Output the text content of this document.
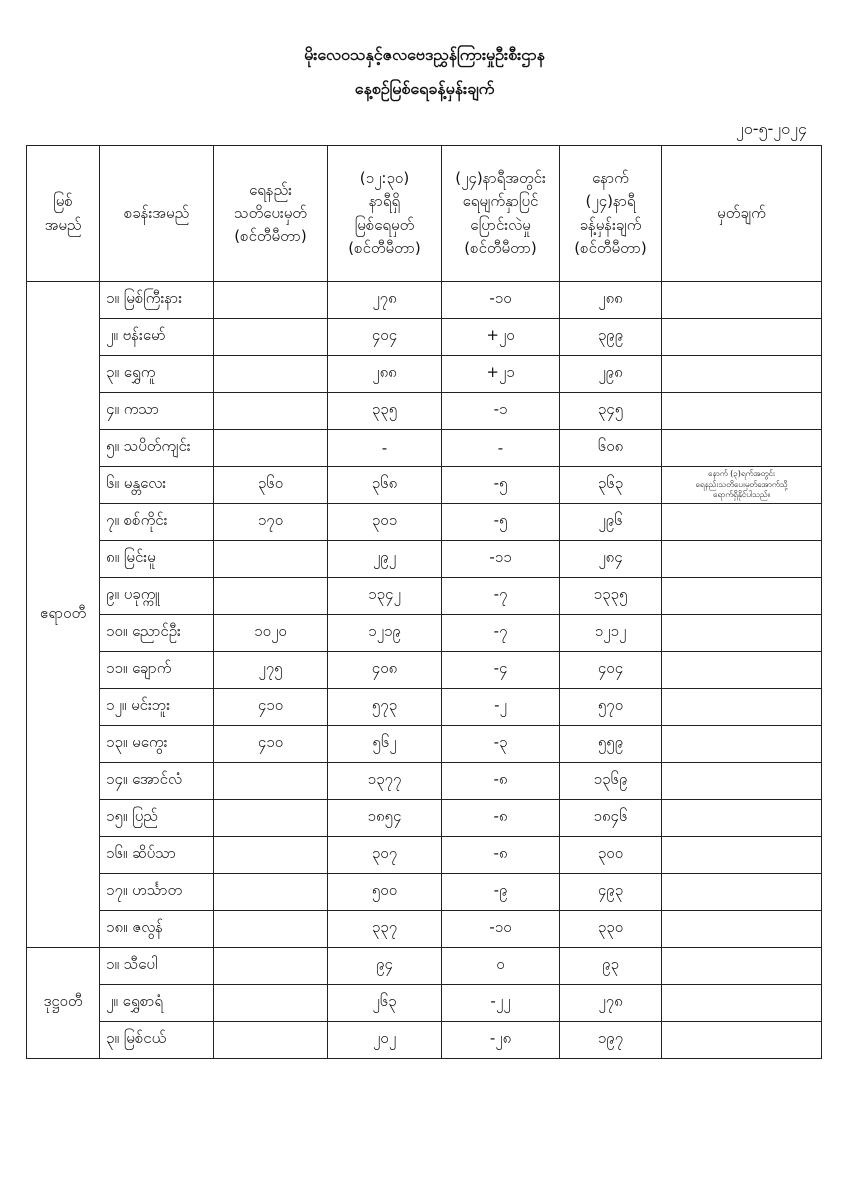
မိုးလေဝသနှင့်ဇလဗေဒညွှန်ကြားမှုဦးစီးဌာန
နေ့စဉ်မြစ်ရေခန့်မှန်းချက်
၂၀-၅-၂၀၂၄
မြစ်
အမည်	စခန်းအမည်	ရေနည်း
သတိပေးမှတ်
(စင်တီမီတာ)	(၁၂:၃၀)
နာရီရှိ
မြစ်ရေမှတ်
(စင်တီမီတာ)	(၂၄)နာရီအတွင်း
ရေမျက်နှာပြင်
ပြောင်းလဲမှု
(စင်တီမီတာ)	နောက်
(၂၄)နာရီ
ခန့်မှန်းချက်
(စင်တီမီတာ)	မှတ်ချက်
ဧရာဝတီ	၁။ မြစ်ကြီးနား		၂၇၈	-၁၀	၂၈၈	
	၂။ ဗန်းမော်		၄၀၄	+၂၀	၃၉၉	
	၃။ ရွှေကူ		၂၈၈	+၂၁	၂၉၈	
	၄။ ကသာ		၃၃၅	-၁	၃၄၅	
	၅။ သပိတ်ကျင်း		-	-	၆၀၈	
	၆။ မန္တလေး	၃၆၀	၃၆၈	-၅	၃၆၃	နောက် (၃)ရက်အတွင်း
ရေနည်းသတိပေးမှတ်အောက်သို့
ရောက်ရှိနိုင်ပါသည်။
	၇။ စစ်ကိုင်း	၁၇၀	၃၀၁	-၅	၂၉၆	
	၈။ မြင်းမူ		၂၉၂	-၁၁	၂၈၄	
	၉။ ပခုက္ကူ		၁၃၄၂	-၇	၁၃၃၅	
	၁၀။ ညောင်ဦး	၁၀၂၀	၁၂၁၉	-၇	၁၂၁၂	
	၁၁။ ချောက်	၂၇၅	၄၀၈	-၄	၄၀၄	
	၁၂။ မင်းဘူး	၄၁၀	၅၇၃	-၂	၅၇၀	
	၁၃။ မကွေး	၄၁၀	၅၆၂	-၃	၅၅၉	
	၁၄။ အောင်လံ		၁၃၇၇	-၈	၁၃၆၉	
	၁၅။ ပြည်		၁၈၅၄	-၈	၁၈၄၆	
	၁၆။ ဆိပ်သာ		၃၀၇	-၈	၃၀၀	
	၁၇။ ဟင်္သာတ		၅၀၀	-၉	၄၉၃	
	၁၈။ ဇလွန်		၃၃၇	-၁၀	၃၃၀	
ဒုဋ္ဌဝတီ	၁။ သီပေါ		၉၄	၀	၉၃	
	၂။ ရွှေစာရံ		၂၆၃	-၂၂	၂၇၈	
	၃။ မြစ်ငယ်		၂၀၂	-၂၈	၁၉၇	
